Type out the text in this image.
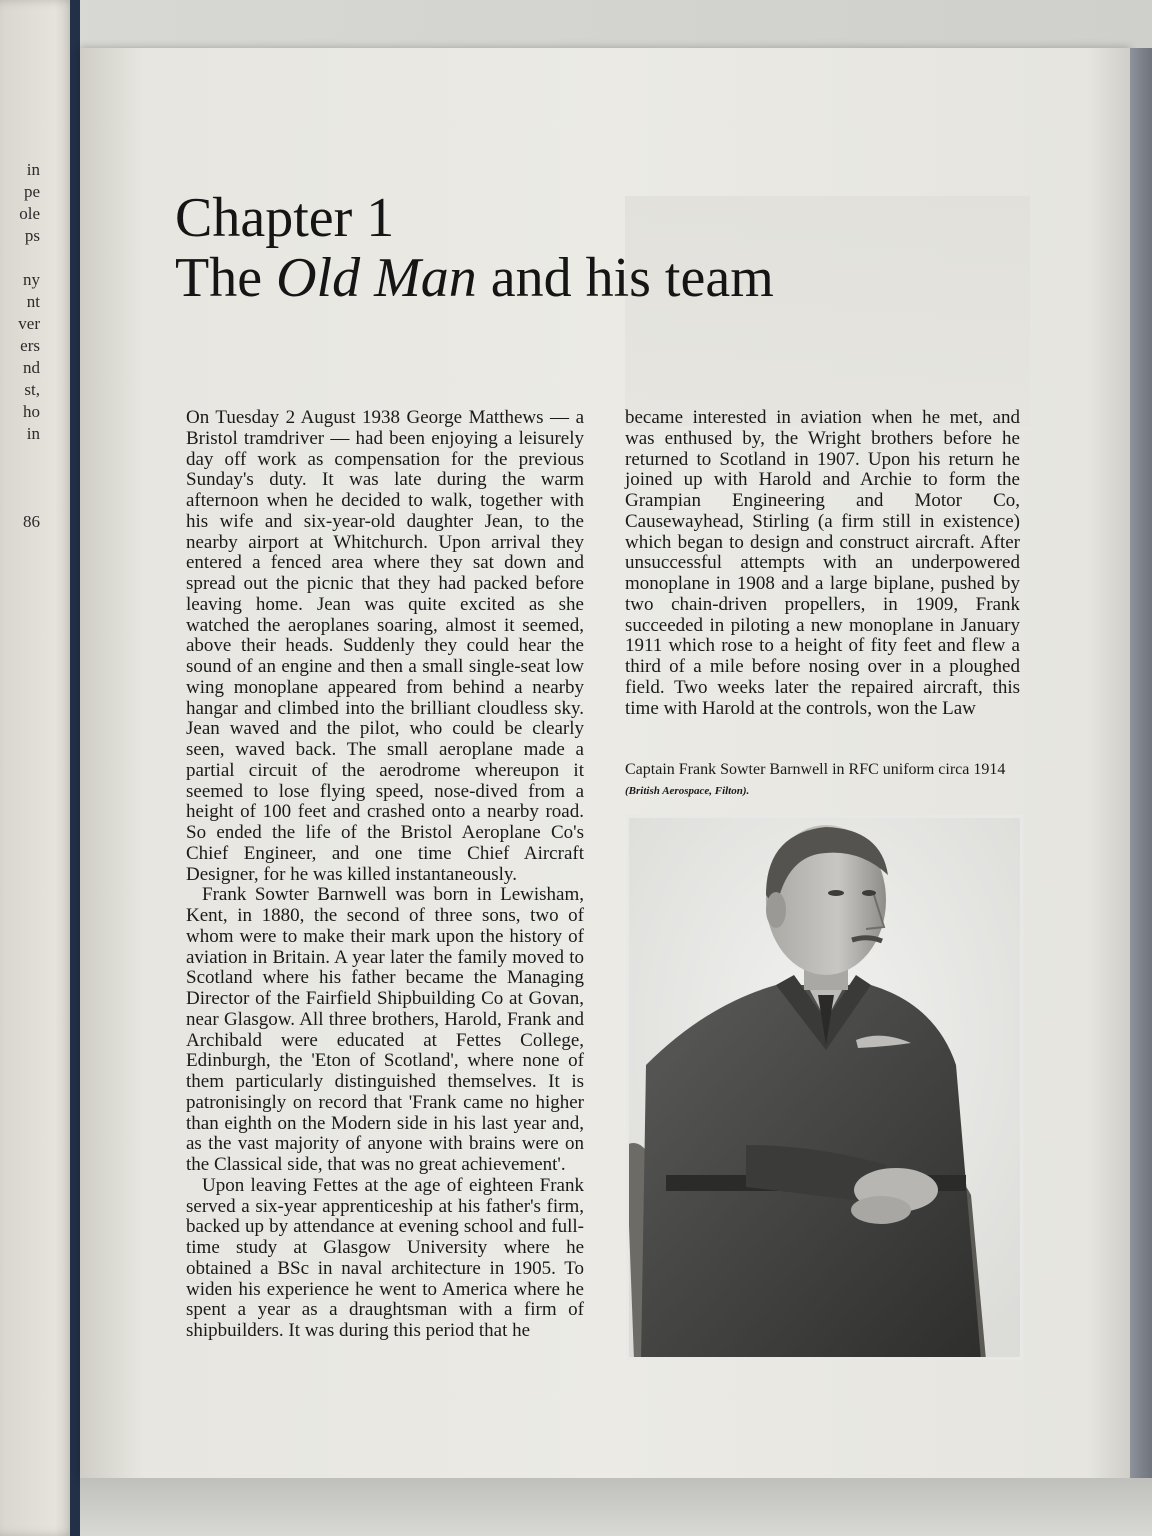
in
pe
ole
ps
ny
nt
ver
ers
nd
st,
ho
in
86
Chapter 1
The Old Man and his team

On Tuesday 2 August 1938 George Matthews — a Bristol tramdriver — had been enjoying a leisurely day off work as compensation for the previous Sunday's duty. It was late during the warm afternoon when he decided to walk, together with his wife and six-year-old daughter Jean, to the nearby airport at Whitchurch. Upon arrival they entered a fenced area where they sat down and spread out the picnic that they had packed before leaving home. Jean was quite excited as she watched the aeroplanes soaring, almost it seemed, above their heads. Suddenly they could hear the sound of an engine and then a small single-seat low wing monoplane appeared from behind a nearby hangar and climbed into the brilliant cloudless sky. Jean waved and the pilot, who could be clearly seen, waved back. The small aeroplane made a partial circuit of the aerodrome whereupon it seemed to lose flying speed, nose-dived from a height of 100 feet and crashed onto a nearby road. So ended the life of the Bristol Aeroplane Co's Chief Engineer, and one time Chief Aircraft Designer, for he was killed instantaneously.

Frank Sowter Barnwell was born in Lewisham, Kent, in 1880, the second of three sons, two of whom were to make their mark upon the history of aviation in Britain. A year later the family moved to Scotland where his father became the Managing Director of the Fairfield Shipbuilding Co at Govan, near Glasgow. All three brothers, Harold, Frank and Archibald were educated at Fettes College, Edinburgh, the 'Eton of Scotland', where none of them particularly distinguished themselves. It is patronisingly on record that 'Frank came no higher than eighth on the Modern side in his last year and, as the vast majority of anyone with brains were on the Classical side, that was no great achievement'.

Upon leaving Fettes at the age of eighteen Frank served a six-year apprenticeship at his father's firm, backed up by attendance at evening school and full-time study at Glasgow University where he obtained a BSc in naval architecture in 1905. To widen his experience he went to America where he spent a year as a draughtsman with a firm of shipbuilders. It was during this period that he

became interested in aviation when he met, and was enthused by, the Wright brothers before he returned to Scotland in 1907. Upon his return he joined up with Harold and Archie to form the Grampian Engineering and Motor Co, Causewayhead, Stirling (a firm still in existence) which began to design and construct aircraft. After unsuccessful attempts with an underpowered monoplane in 1908 and a large biplane, pushed by two chain-driven propellers, in 1909, Frank succeeded in piloting a new monoplane in January 1911 which rose to a height of fity feet and flew a third of a mile before nosing over in a ploughed field. Two weeks later the repaired aircraft, this time with Harold at the controls, won the Law

Captain Frank Sowter Barnwell in RFC uniform circa 1914 (British Aerospace, Filton).
